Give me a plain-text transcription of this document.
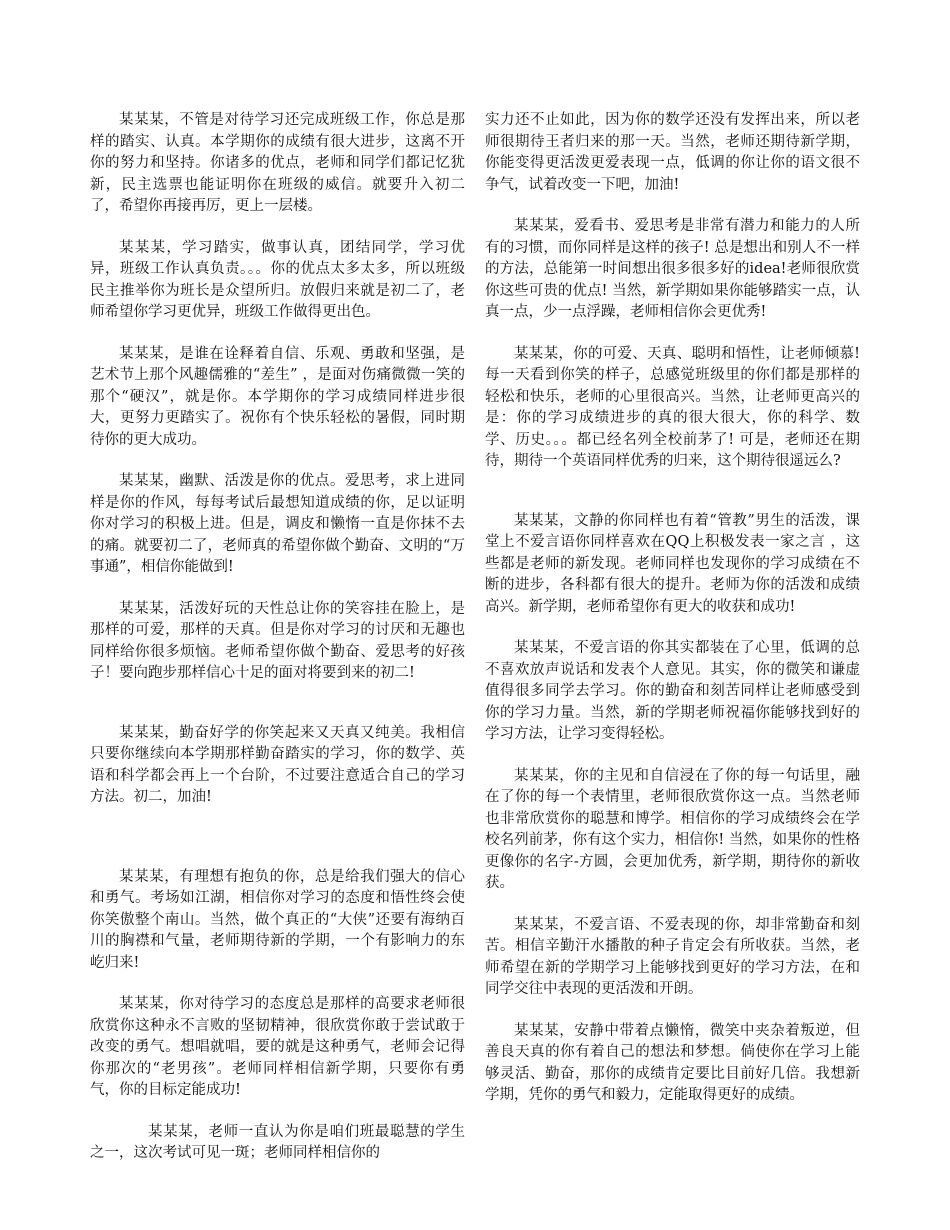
某某某，不管是对待学习还完成班级工作，你总是那样的踏实、认真。本学期你的成绩有很大进步，这离不开你的努力和坚持。你诸多的优点，老师和同学们都记忆犹新，民主选票也能证明你在班级的威信。就要升入初二了，希望你再接再厉，更上一层楼。

某某某，学习踏实，做事认真，团结同学，学习优异，班级工作认真负责。。。你的优点太多太多，所以班级民主推举你为班长是众望所归。放假归来就是初二了，老师希望你学习更优异，班级工作做得更出色。

某某某，是谁在诠释着自信、乐观、勇敢和坚强，是艺术节上那个风趣儒雅的“差生” ，是面对伤痛微微一笑的那个“硬汉”，就是你。本学期你的学习成绩同样进步很大，更努力更踏实了。祝你有个快乐轻松的暑假，同时期待你的更大成功。

某某某，幽默、活泼是你的优点。爱思考，求上进同样是你的作风，每每考试后最想知道成绩的你，足以证明你对学习的积极上进。但是，调皮和懒惰一直是你抹不去的痛。就要初二了，老师真的希望你做个勤奋、文明的“万事通”，相信你能做到!

某某某，活泼好玩的天性总让你的笑容挂在脸上，是那样的可爱，那样的天真。但是你对学习的讨厌和无趣也同样给你很多烦恼。老师希望你做个勤奋、爱思考的好孩子！要向跑步那样信心十足的面对将要到来的初二!

某某某，勤奋好学的你笑起来又天真又纯美。我相信只要你继续向本学期那样勤奋踏实的学习，你的数学、英语和科学都会再上一个台阶，不过要注意适合自己的学习方法。初二，加油!

某某某，有理想有抱负的你，总是给我们强大的信心和勇气。考场如江湖，相信你对学习的态度和悟性终会使你笑傲整个南山。当然，做个真正的“大侠”还要有海纳百川的胸襟和气量，老师期待新的学期，一个有影响力的东屹归来!

某某某，你对待学习的态度总是那样的高要求老师很欣赏你这种永不言败的坚韧精神，很欣赏你敢于尝试敢于改变的勇气。想唱就唱，要的就是这种勇气，老师会记得你那次的“老男孩”。老师同样相信新学期，只要你有勇气，你的目标定能成功!

某某某，老师一直认为你是咱们班最聪慧的学生之一，这次考试可见一斑；老师同样相信你的

实力还不止如此，因为你的数学还没有发挥出来，所以老师很期待王者归来的那一天。当然，老师还期待新学期，你能变得更活泼更爱表现一点，低调的你让你的语文很不争气，试着改变一下吧，加油!

某某某，爱看书、爱思考是非常有潜力和能力的人所有的习惯，而你同样是这样的孩子! 总是想出和别人不一样的方法，总能第一时间想出很多很多好的idea!老师很欣赏你这些可贵的优点! 当然，新学期如果你能够踏实一点，认真一点，少一点浮躁，老师相信你会更优秀!

某某某，你的可爱、天真、聪明和悟性，让老师倾慕! 每一天看到你笑的样子，总感觉班级里的你们都是那样的轻松和快乐，老师的心里很高兴。当然，让老师更高兴的是：你的学习成绩进步的真的很大很大，你的科学、数学、历史。。。都已经名列全校前茅了! 可是，老师还在期待，期待一个英语同样优秀的归来，这个期待很遥远么?

某某某，文静的你同样也有着“管教”男生的活泼，课堂上不爱言语你同样喜欢在QQ上积极发表一家之言 ，这些都是老师的新发现。老师同样也发现你的学习成绩在不断的进步，各科都有很大的提升。老师为你的活泼和成绩高兴。新学期，老师希望你有更大的收获和成功!

某某某，不爱言语的你其实都装在了心里，低调的总不喜欢放声说话和发表个人意见。其实，你的微笑和谦虚值得很多同学去学习。你的勤奋和刻苦同样让老师感受到你的学习力量。当然，新的学期老师祝福你能够找到好的学习方法，让学习变得轻松。

某某某，你的主见和自信浸在了你的每一句话里，融在了你的每一个表情里，老师很欣赏你这一点。当然老师也非常欣赏你的聪慧和博学。相信你的学习成绩终会在学校名列前茅，你有这个实力，相信你! 当然，如果你的性格更像你的名字-方圆，会更加优秀，新学期，期待你的新收获。

某某某，不爱言语、不爱表现的你，却非常勤奋和刻苦。相信辛勤汗水播散的种子肯定会有所收获。当然，老师希望在新的学期学习上能够找到更好的学习方法，在和同学交往中表现的更活泼和开朗。

某某某，安静中带着点懒惰，微笑中夹杂着叛逆，但善良天真的你有着自己的想法和梦想。倘使你在学习上能够灵活、勤奋，那你的成绩肯定要比目前好几倍。我想新学期，凭你的勇气和毅力，定能取得更好的成绩。
